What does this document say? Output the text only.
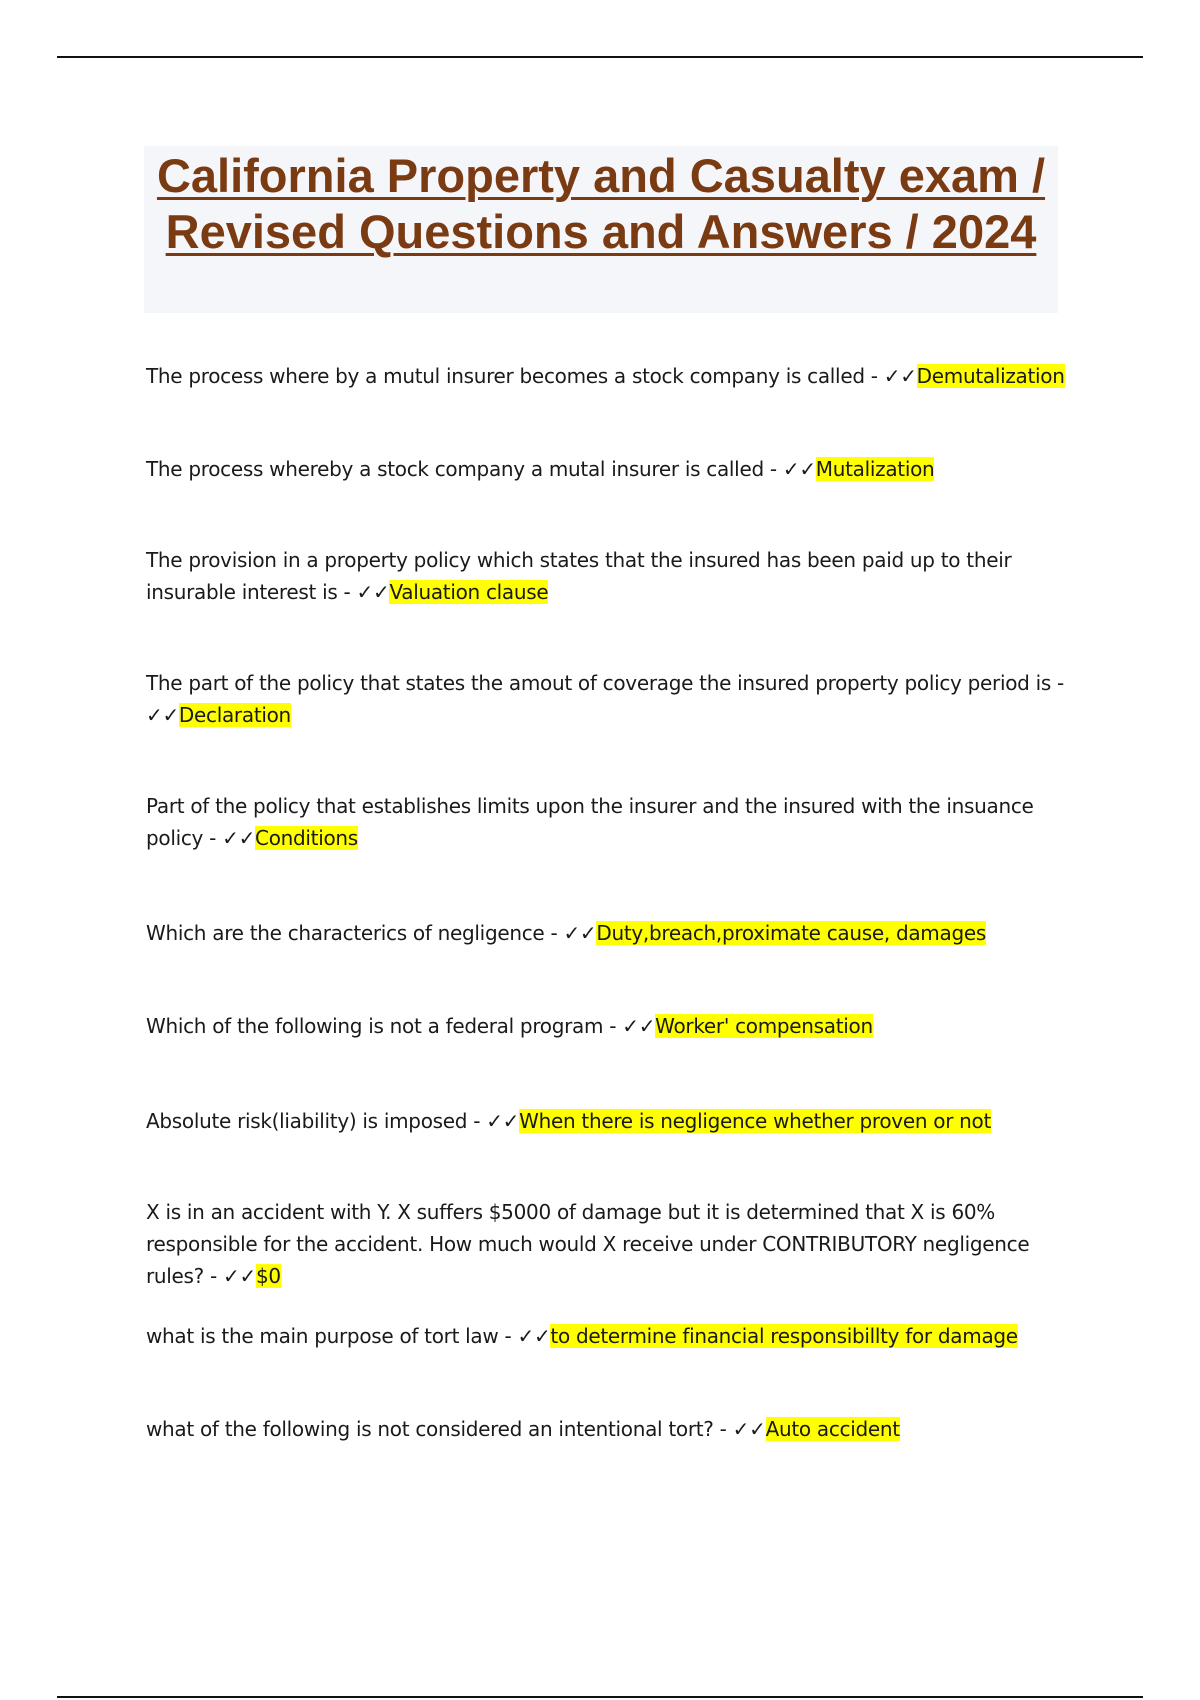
California Property and Casualty exam / Revised Questions and Answers / 2024
The process where by a mutul insurer becomes a stock company is called - ✓✓Demutalization
The process whereby a stock company a mutal insurer is called - ✓✓Mutalization
The provision in a property policy which states that the insured has been paid up to their insurable interest is - ✓✓Valuation clause
The part of the policy that states the amout of coverage the insured property policy period is - ✓✓Declaration
Part of the policy that establishes limits upon the insurer and the insured with the insuance policy - ✓✓Conditions
Which are the characterics of negligence - ✓✓Duty,breach,proximate cause, damages
Which of the following is not a federal program - ✓✓Worker' compensation
Absolute risk(liability) is imposed - ✓✓When there is negligence whether proven or not
X is in an accident with Y. X suffers $5000 of damage but it is determined that X is 60% responsible for the accident. How much would X receive under CONTRIBUTORY negligence rules? - ✓✓$0
what is the main purpose of tort law - ✓✓to determine financial responsibillty for damage
what of the following is not considered an intentional tort? - ✓✓Auto accident
